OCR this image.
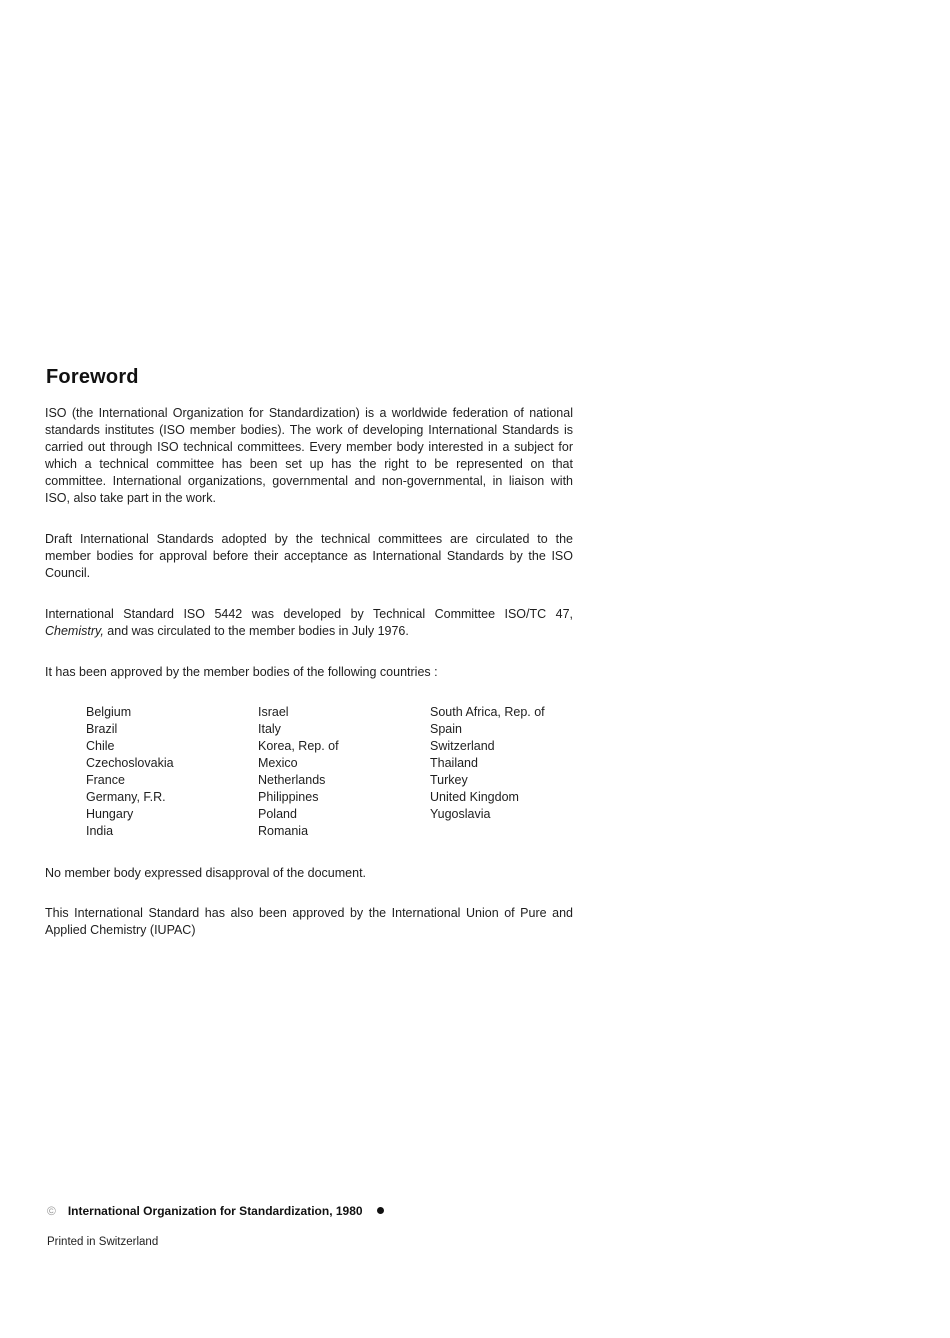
Foreword

ISO (the International Organization for Standardization) is a worldwide federation of national standards institutes (ISO member bodies). The work of developing International Standards is carried out through ISO technical committees. Every member body interested in a subject for which a technical committee has been set up has the right to be represented on that committee. International organizations, governmental and non-governmental, in liaison with ISO, also take part in the work.

Draft International Standards adopted by the technical committees are circulated to the member bodies for approval before their acceptance as International Standards by the ISO Council.

International Standard ISO 5442 was developed by Technical Committee ISO/TC 47, Chemistry, and was circulated to the member bodies in July 1976.

It has been approved by the member bodies of the following countries :

Belgium
Brazil
Chile
Czechoslovakia
France
Germany, F.R.
Hungary
India
Israel
Italy
Korea, Rep. of
Mexico
Netherlands
Philippines
Poland
Romania
South Africa, Rep. of
Spain
Switzerland
Thailand
Turkey
United Kingdom
Yugoslavia

No member body expressed disapproval of the document.

This International Standard has also been approved by the International Union of Pure and Applied Chemistry (IUPAC)

© International Organization for Standardization, 1980
Printed in Switzerland
